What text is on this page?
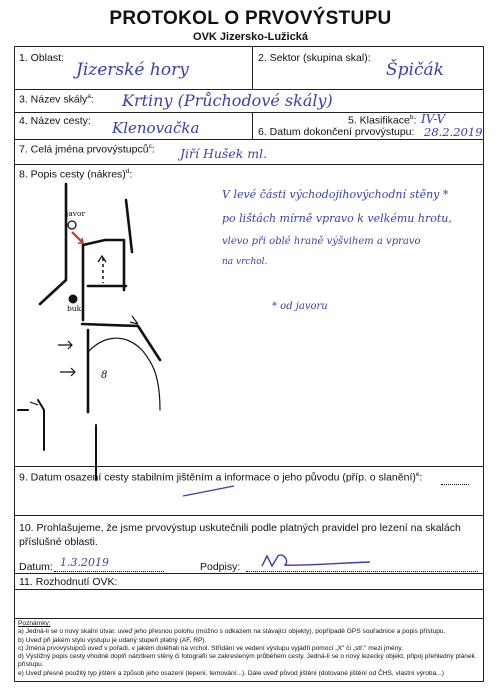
PROTOKOL O PRVOVÝSTUPU
OVK Jizersko-Lužická
1. Oblast:
Jizerské hory
2. Sektor (skupina skal):
Špičák
3. Název skály$^a$: Krtiny (Průchodové skály)
4. Název cesty: Klenovačka	5. Klasifikace$^b$: IV-V
6. Datum dokončení prvovýstupu: 28.2.2019
7. Celá jména prvovýstupců$^c$: Jiří Hušek ml.
8. Popis cesty (nákres)$^d$:
V levé části východojihovýchodní stěny *
po lištách mírně vpravo k velkému hrotu,
vlevo při oblé hraně výšvihem a vpravo
na vrchol.
* od javoru
javor
buk
8
9. Datum osazení cesty stabilním jištěním a informace o jeho původu (příp. o slanění)$^e$:
10. Prohlašujeme, že jsme prvovýstup uskutečnili podle platných pravidel pro lezení na skalách příslušné oblasti.
Datum: 1.3.2019	Podpisy:
11. Rozhodnutí OVK:
Poznámky:
a) Jedná-li se o nový skalní útvar, uveď jeho přesnou polohu (možno s odkazem na stávající objekty), popřípadě GPS souřadnice a popis přístupu.
b) Uveď při jakém stylu výstupu je udaný stupeň platný (AF, RP).
c) Jména prvovýstupců uveď v pořadí, v jakém doléhali na vrchol. Střídání ve vedení výstupu vyjádři pomocí „X" či „stř." mezi jmény.
d) Výstižný popis cesty vhodně doplň náčrtkem stěny či fotografií se zakresleným průběhem cesty. Jedná-li se o nový lezecký objekt, připoj přehledný plánek přístupu.
e) Uveď přesně použitý typ jištění a způsob jeho osazení (lepení, temování...). Dále uveď původ jištění (dotované jištění od ČHS, vlastní výroba...)
